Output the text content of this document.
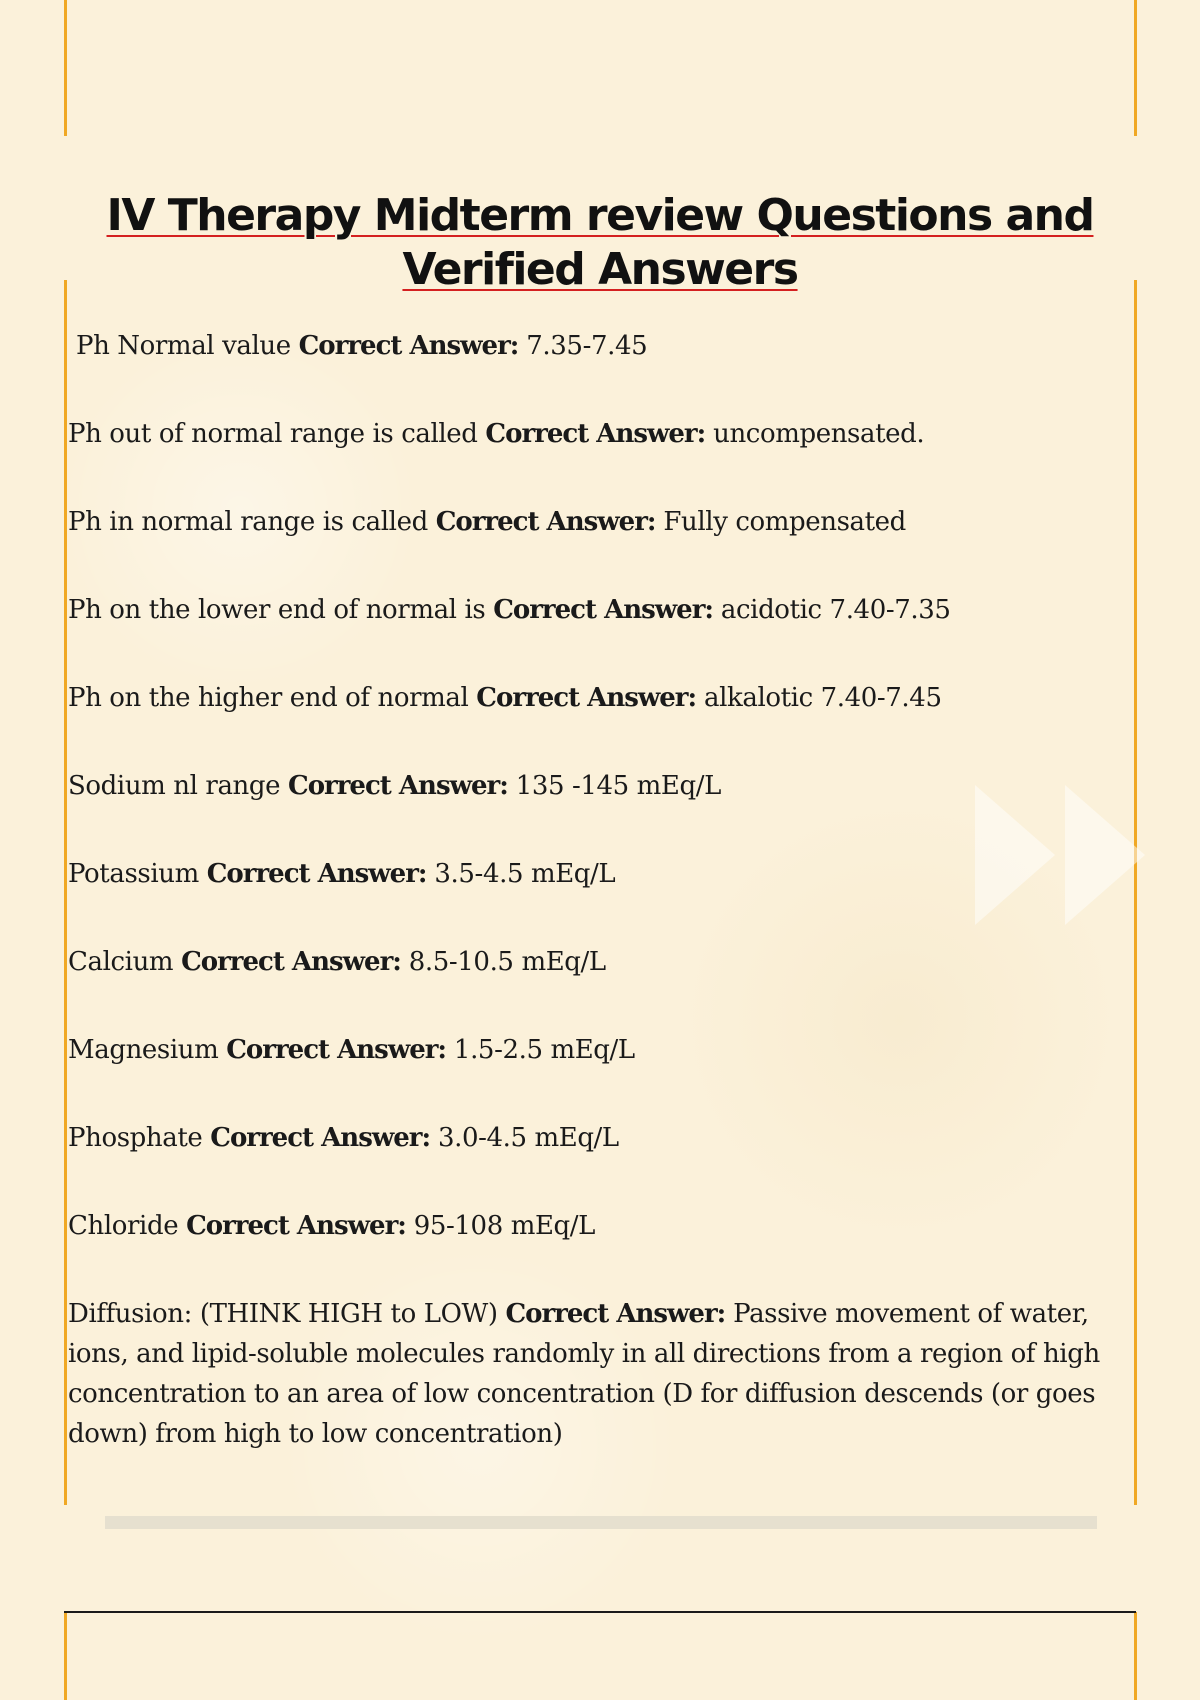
IV Therapy Midterm review Questions and Verified Answers
Ph Normal value Correct Answer: 7.35-7.45
Ph out of normal range is called Correct Answer: uncompensated.
Ph in normal range is called Correct Answer: Fully compensated
Ph on the lower end of normal is Correct Answer: acidotic 7.40-7.35
Ph on the higher end of normal Correct Answer: alkalotic 7.40-7.45
Sodium nl range Correct Answer: 135 -145 mEq/L
Potassium Correct Answer: 3.5-4.5 mEq/L
Calcium Correct Answer: 8.5-10.5 mEq/L
Magnesium Correct Answer: 1.5-2.5 mEq/L
Phosphate Correct Answer: 3.0-4.5 mEq/L
Chloride Correct Answer: 95-108 mEq/L
Diffusion: (THINK HIGH to LOW) Correct Answer: Passive movement of water, ions, and lipid-soluble molecules randomly in all directions from a region of high concentration to an area of low concentration (D for diffusion descends (or goes down) from high to low concentration)
